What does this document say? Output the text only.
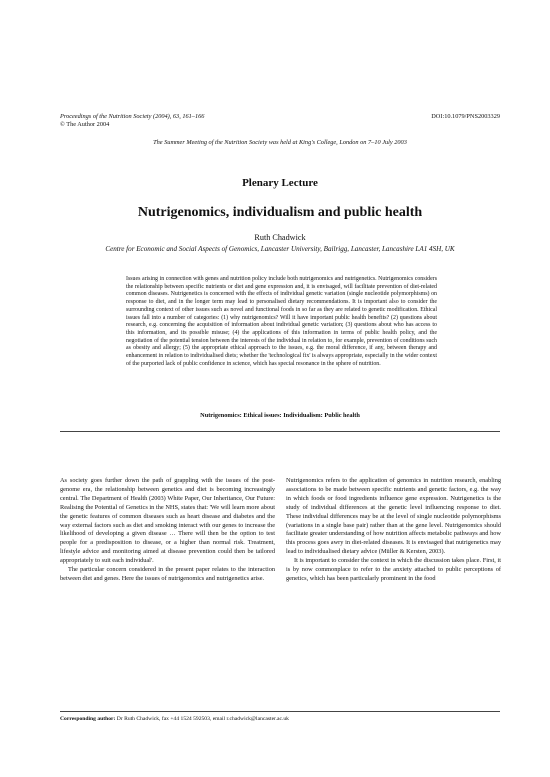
Proceedings of the Nutrition Society (2004), 63, 161–166	DOI:10.1079/PNS2003329
© The Author 2004
The Summer Meeting of the Nutrition Society was held at King's College, London on 7–10 July 2003
Plenary Lecture
Nutrigenomics, individualism and public health
Ruth Chadwick
Centre for Economic and Social Aspects of Genomics, Lancaster University, Bailrigg, Lancaster, Lancashire LA1 4SH, UK
Issues arising in connection with genes and nutrition policy include both nutrigenomics and nutrigenetics. Nutrigenomics considers the relationship between specific nutrients or diet and gene expression and, it is envisaged, will facilitate prevention of diet-related common diseases. Nutrigenetics is concerned with the effects of individual genetic variation (single nucleotide polymorphisms) on response to diet, and in the longer term may lead to personalised dietary recommendations. It is important also to consider the surrounding context of other issues such as novel and functional foods in so far as they are related to genetic modification. Ethical issues fall into a number of categories: (1) why nutrigenomics? Will it have important public health benefits? (2) questions about research, e.g. concerning the acquisition of information about individual genetic variation; (3) questions about who has access to this information, and its possible misuse; (4) the applications of this information in terms of public health policy, and the negotiation of the potential tension between the interests of the individual in relation to, for example, prevention of conditions such as obesity and allergy; (5) the appropriate ethical approach to the issues, e.g. the moral difference, if any, between therapy and enhancement in relation to individualised diets; whether the 'technological fix' is always appropriate, especially in the wider context of the purported lack of public confidence in science, which has special resonance in the sphere of nutrition.
Nutrigenomics: Ethical issues: Individualism: Public health

As society goes further down the path of grappling with the issues of the post-genome era, the relationship between genetics and diet is becoming increasingly central. The Department of Health (2003) White Paper, Our Inheritance, Our Future: Realising the Potential of Genetics in the NHS, states that: 'We will learn more about the genetic features of common diseases such as heart disease and diabetes and the way external factors such as diet and smoking interact with our genes to increase the likelihood of developing a given disease … There will then be the option to test people for a predisposition to disease, or a higher than normal risk. Treatment, lifestyle advice and monitoring aimed at disease prevention could then be tailored appropriately to suit each individual'.

The particular concern considered in the present paper relates to the interaction between diet and genes. Here the issues of nutrigenomics and nutrigenetics arise.

Nutrigenomics refers to the application of genomics in nutrition research, enabling associations to be made between specific nutrients and genetic factors, e.g. the way in which foods or food ingredients influence gene expression. Nutrigenetics is the study of individual differences at the genetic level influencing response to diet. These individual differences may be at the level of single nucleotide polymorphisms (variations in a single base pair) rather than at the gene level. Nutrigenomics should facilitate greater understanding of how nutrition affects metabolic pathways and how this process goes awry in diet-related diseases. It is envisaged that nutrigenetics may lead to individualised dietary advice (Müller & Kersten, 2003).

It is important to consider the context in which the discussion takes place. First, it is by now commonplace to refer to the anxiety attached to public perceptions of genetics, which has been particularly prominent in the food

Corresponding author: Dr Ruth Chadwick, fax +44 1524 592503, email r.chadwick@lancaster.ac.uk
